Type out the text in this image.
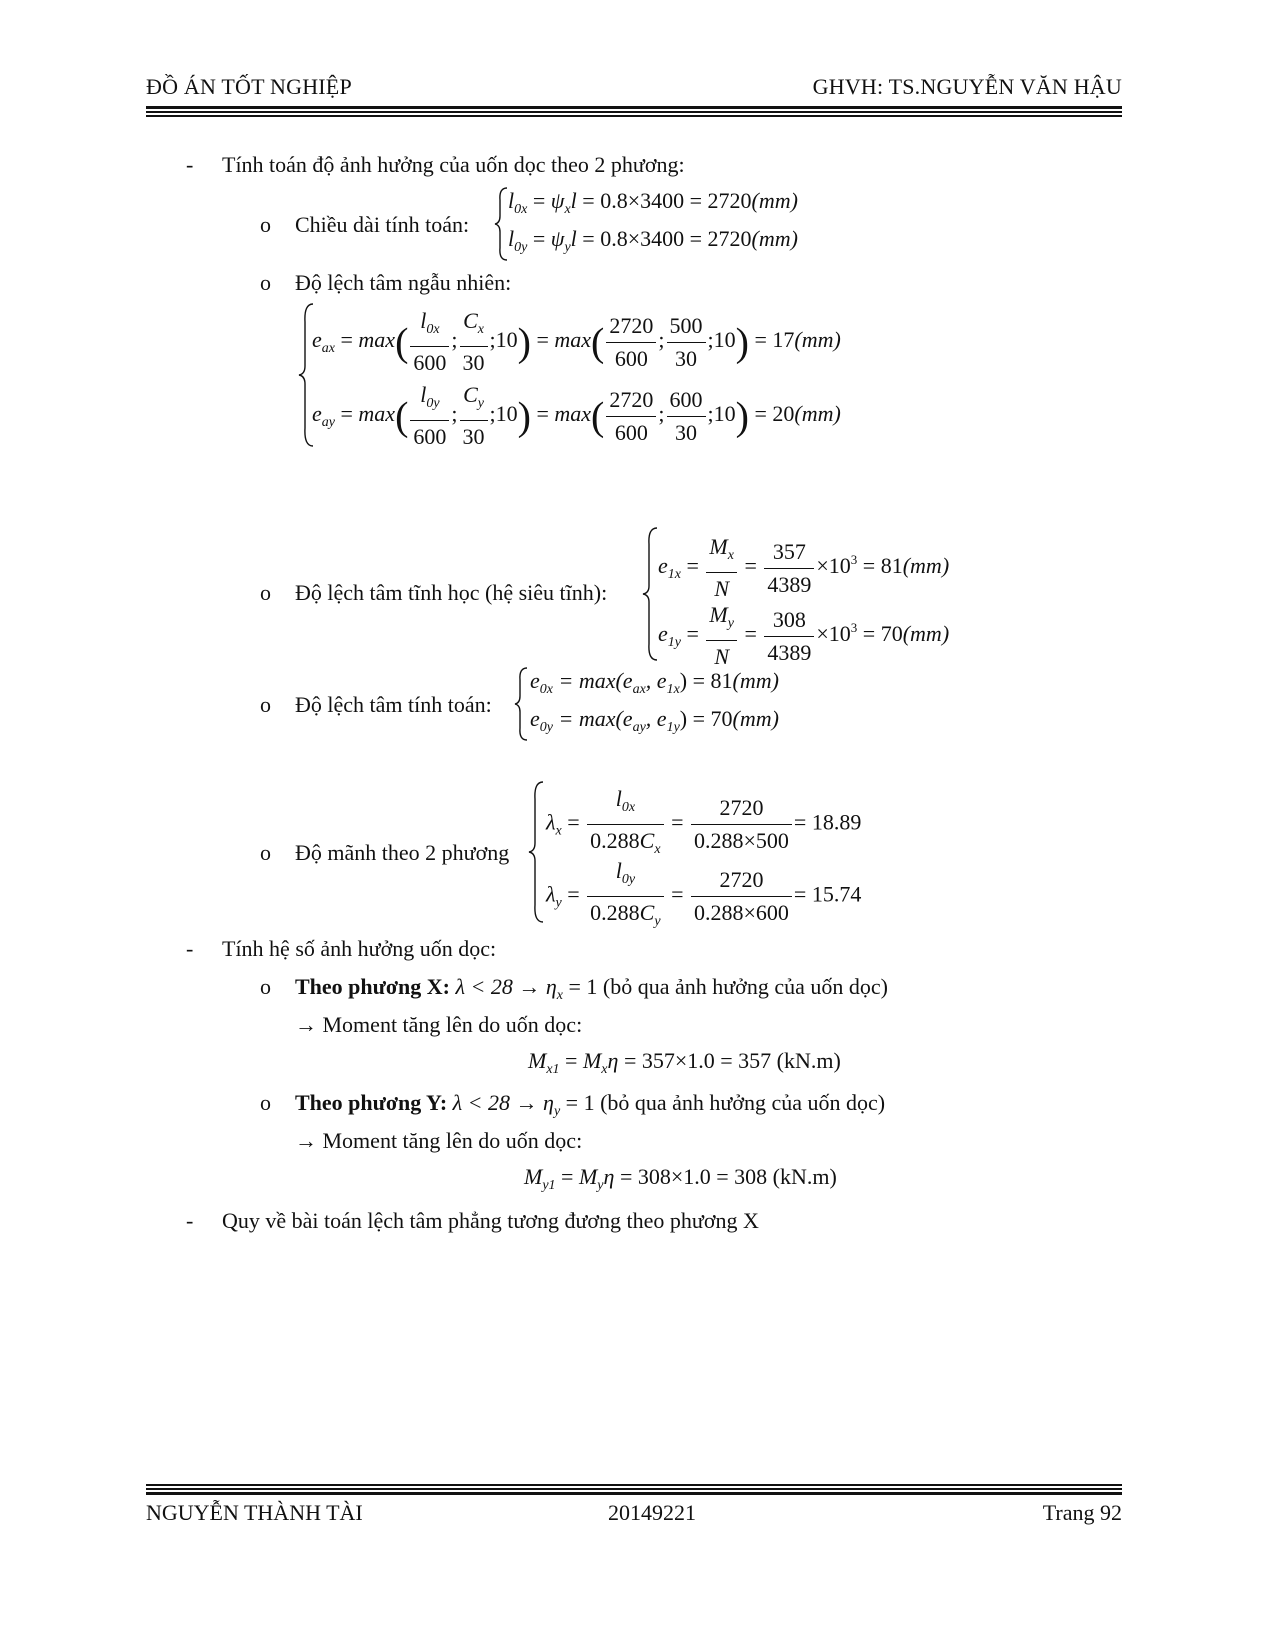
ĐỒ ÁN TỐT NGHIỆP	GHVH: TS.NGUYỄN VĂN HẬU
- Tính toán độ ảnh hưởng của uốn dọc theo 2 phương:
o Chiều dài tính toán:
$l_{0x} = \psi_xl = 0.8\times 3400 = 2720(mm)$
$l_{0y} = \psi_yl = 0.8\times 3400 = 2720(mm)$
o Độ lệch tâm ngẫu nhiên:
$e_{ax} = \max( \frac{l_{0x}}{600}$ ; $\frac{C_x}{30}$ ;10) = $\max( \frac{2720}{600}$ ; $\frac{500}{30}$ ;10) = 17(mm)
$e_{ay} = \max( \frac{l_{0y}}{600}$ ; $\frac{C_y}{30}$ ;10) = $\max( \frac{2720}{600}$ ; $\frac{600}{30}$ ;10) = 20(mm)
o Độ lệch tâm tĩnh học (hệ siêu tĩnh):
$e_{1x} = \frac{M_x}{N} = \frac{357}{4389} \times 10^3 = 81(mm)$
$e_{1y} = \frac{M_y}{N} = \frac{308}{4389} \times 10^3 = 70(mm)$
o Độ lệch tâm tính toán:
$e_{0x} = \max(e_{ax}$, $e_{1x}) = 81(mm)$
$e_{0y} = \max(e_{ay}$, $e_{1y}) = 70(mm)$
o Độ mãnh theo 2 phương
$\lambda_x = \frac{l_{0x}}{0.288C_x} = \frac{2720}{0.288\times 500} = 18.89$
$\lambda_y = \frac{l_{0y}}{0.288C_y} = \frac{2720}{0.288\times 600} = 15.74$
- Tính hệ số ảnh hưởng uốn dọc:
o Theo phương X: $\lambda < 28 \to \eta_x = 1$ (bỏ qua ảnh hưởng của uốn dọc)
→ Moment tăng lên do uốn dọc:
$M_{x1} = M_x\eta = 357\times 1.0 = 357$ (kN.m)
o Theo phương Y: $\lambda < 28 \to \eta_y = 1$ (bỏ qua ảnh hưởng của uốn dọc)
→ Moment tăng lên do uốn dọc:
$M_{y1} = M_y\eta = 308\times 1.0 = 308$ (kN.m)
- Quy về bài toán lệch tâm phẳng tương đương theo phương X
NGUYỄN THÀNH TÀI	20149221	Trang 92
